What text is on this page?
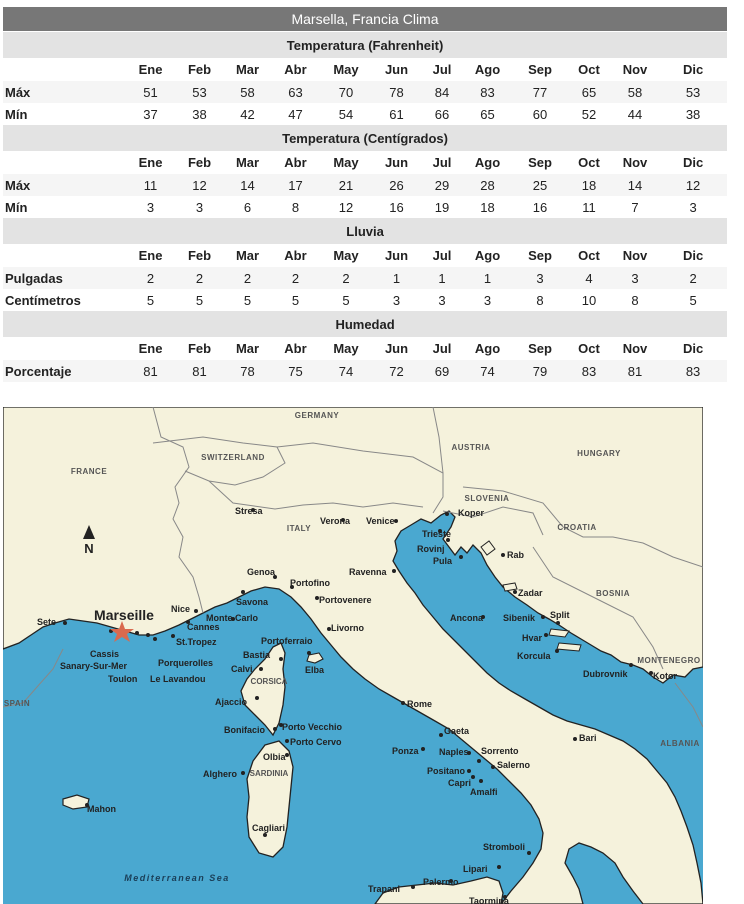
Marsella, Francia Clima
Temperatura (Fahrenheit)												
	Ene	Feb	Mar	Abr	May	Jun	Jul	Ago	Sep	Oct	Nov	Dic
Máx	51	53	58	63	70	78	84	83	77	65	58	53
Mín	37	38	42	47	54	61	66	65	60	52	44	38
Temperatura (Centígrados)												
	Ene	Feb	Mar	Abr	May	Jun	Jul	Ago	Sep	Oct	Nov	Dic
Máx	11	12	14	17	21	26	29	28	25	18	14	12
Mín	3	3	6	8	12	16	19	18	16	11	7	3
Lluvia												
	Ene	Feb	Mar	Abr	May	Jun	Jul	Ago	Sep	Oct	Nov	Dic
Pulgadas	2	2	2	2	2	1	1	1	3	4	3	2
Centímetros	5	5	5	5	5	3	3	3	8	10	8	5
Humedad												
	Ene	Feb	Mar	Abr	May	Jun	Jul	Ago	Sep	Oct	Nov	Dic
Porcentaje	81	81	78	75	74	72	69	74	79	83	81	83
N
GERMANY
AUSTRIA
HUNGARY
FRANCE
SWITZERLAND
SLOVENIA
CROATIA
BOSNIA
ITALY
MONTENEGRO
SPAIN
ALBANIA
CORSICA
SARDINIA
Marseille
Stresa
Verona Venice
Trieste
Koper
Rovinj
Pula
Rab
Zadar
Sibenik Split
Hvar
Korcula
Dubrovnik	Kotor
Genoa
Portofino
Portovenere
Savona
Ravenna
Nice
Monte Carlo
Cannes
St.Tropez
Porquerolles
Le Lavandou
Toulon
Sanary-Sur-Mer
Cassis
Sete
Livorno
Portoferraio
Elba
Bastia
Calvi
Ajaccio
Bonifacio Porto Vecchio
Porto Cervo
Olbia
Alghero
Cagliari
Mahon
Ancona
Rome
Gaeta
Ponza Naples Sorrento
Salerno
Positano
Capri
Amalfi
Bari
Stromboli
Lipari
Palermo
Trapani
Taormina
Mediterranean Sea
